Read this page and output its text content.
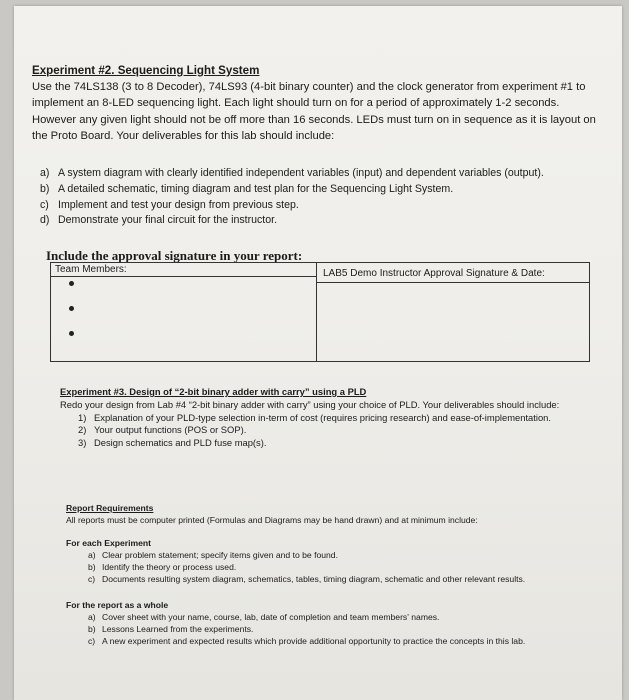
Experiment #2. Sequencing Light System

Use the 74LS138 (3 to 8 Decoder), 74LS93 (4-bit binary counter) and the clock generator from experiment #1 to implement an 8-LED sequencing light. Each light should turn on for a period of approximately 1-2 seconds. However any given light should not be off more than 16 seconds. LEDs must turn on in sequence as it is layout on the Proto Board. Your deliverables for this lab should include:

a) A system diagram with clearly identified independent variables (input) and dependent variables (output).
b) A detailed schematic, timing diagram and test plan for the Sequencing Light System.
c) Implement and test your design from previous step.
d) Demonstrate your final circuit for the instructor.
Include the approval signature in your report:
Team Members:	LAB5 Demo Instructor Approval Signature & Date:

Experiment #3. Design of “2-bit binary adder with carry” using a PLD

Redo your design from Lab #4 “2-bit binary adder with carry” using your choice of PLD. Your deliverables should include:

1) Explanation of your PLD-type selection in-term of cost (requires pricing research) and ease-of-implementation.
2) Your output functions (POS or SOP).
3) Design schematics and PLD fuse map(s).

Report Requirements

All reports must be computer printed (Formulas and Diagrams may be hand drawn) and at minimum include:

For each Experiment

a) Clear problem statement; specify items given and to be found.
b) Identify the theory or process used.
c) Documents resulting system diagram, schematics, tables, timing diagram, schematic and other relevant results.

For the report as a whole

a) Cover sheet with your name, course, lab, date of completion and team members' names.
b) Lessons Learned from the experiments.
c) A new experiment and expected results which provide additional opportunity to practice the concepts in this lab.
